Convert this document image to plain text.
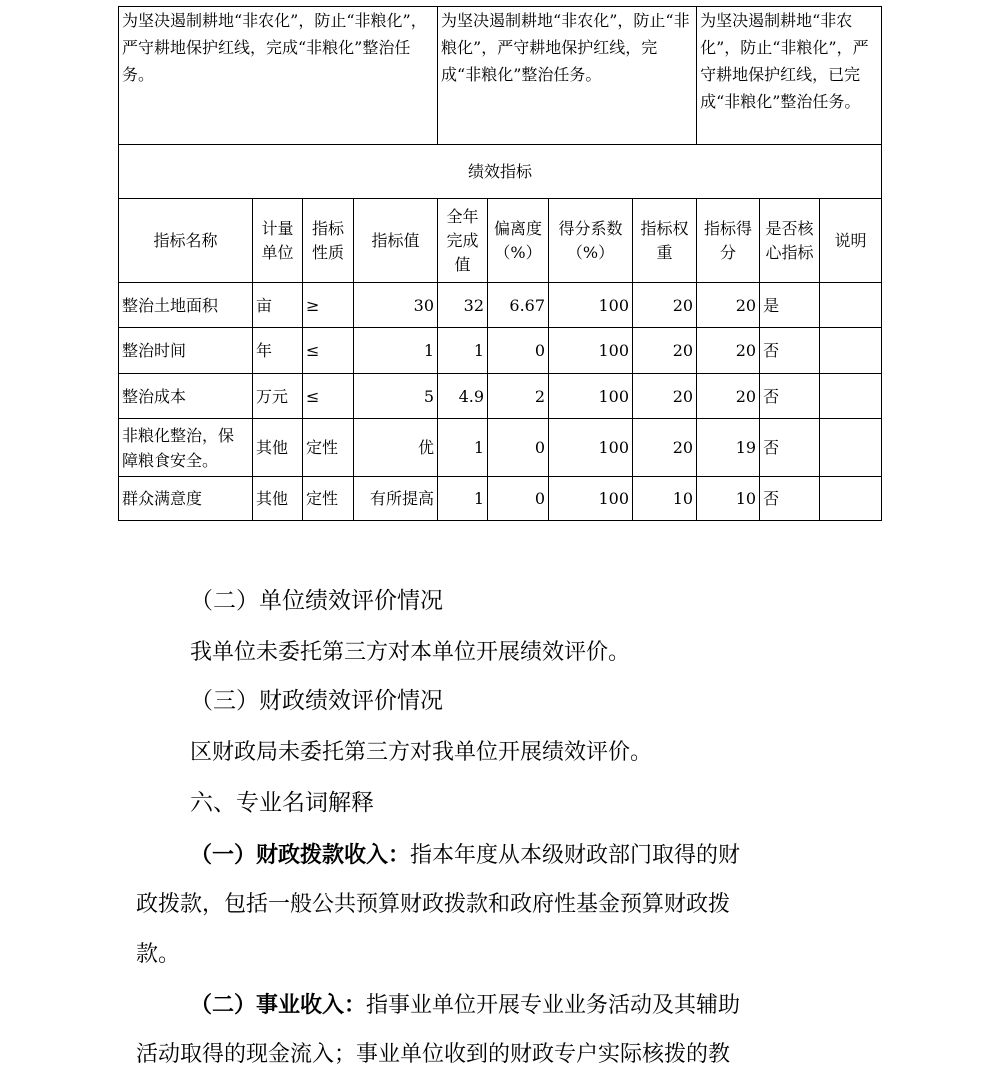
为坚决遏制耕地“非农化”，防止“非粮化”，严守耕地保护红线，完成“非粮化”整治任务。				为坚决遏制耕地“非农化”，防止“非粮化”，严守耕地保护红线，完成“非粮化”整治任务。				为坚决遏制耕地“非农化”，防止“非粮化”，严守耕地保护红线，已完成“非粮化”整治任务。		
绩效指标										
指标名称	计量单位	指标性质	指标值	全年完成值	偏离度（%）	得分系数（%）	指标权重	指标得分	是否核心指标	说明
整治土地面积	亩	≥	30	32	6.67	100	20	20	是	
整治时间	年	≤	1	1	0	100	20	20	否	
整治成本	万元	≤	5	4.9	2	100	20	20	否	
非粮化整治，保障粮食安全。	其他	定性	优	1	0	100	20	19	否	
群众满意度	其他	定性	有所提高	1	0	100	10	10	否	

（二）单位绩效评价情况

我单位未委托第三方对本单位开展绩效评价。

（三）财政绩效评价情况

区财政局未委托第三方对我单位开展绩效评价。

六、专业名词解释

（一）财政拨款收入：指本年度从本级财政部门取得的财

政拨款，包括一般公共预算财政拨款和政府性基金预算财政拨

款。

（二）事业收入：指事业单位开展专业业务活动及其辅助

活动取得的现金流入；事业单位收到的财政专户实际核拨的教
